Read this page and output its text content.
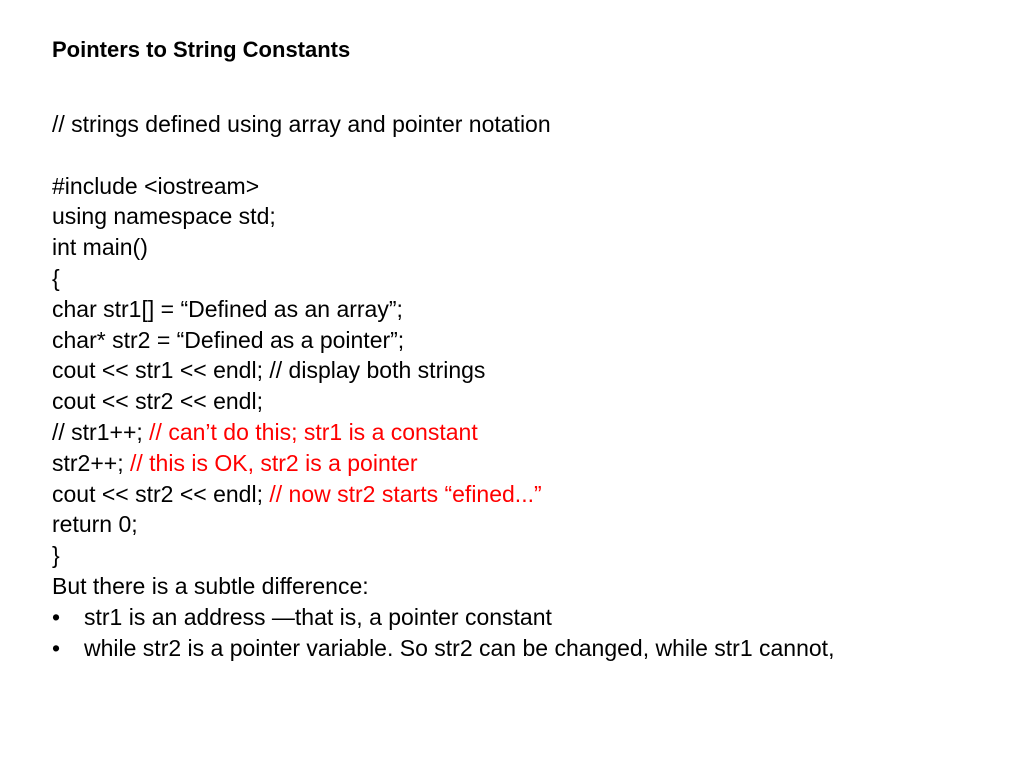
Pointers to String Constants
// strings defined using array and pointer notation
#include <iostream>
using namespace std;
int main()
{
char str1[] = “Defined as an array”;
char* str2 = “Defined as a pointer”;
cout << str1 << endl; // display both strings
cout << str2 << endl;
// str1++; // can’t do this; str1 is a constant
str2++; // this is OK, str2 is a pointer
cout << str2 << endl; // now str2 starts “efined...”
return 0;
}
But there is a subtle difference:
• str1 is an address —that is, a pointer constant
• while str2 is a pointer variable. So str2 can be changed, while str1 cannot,
